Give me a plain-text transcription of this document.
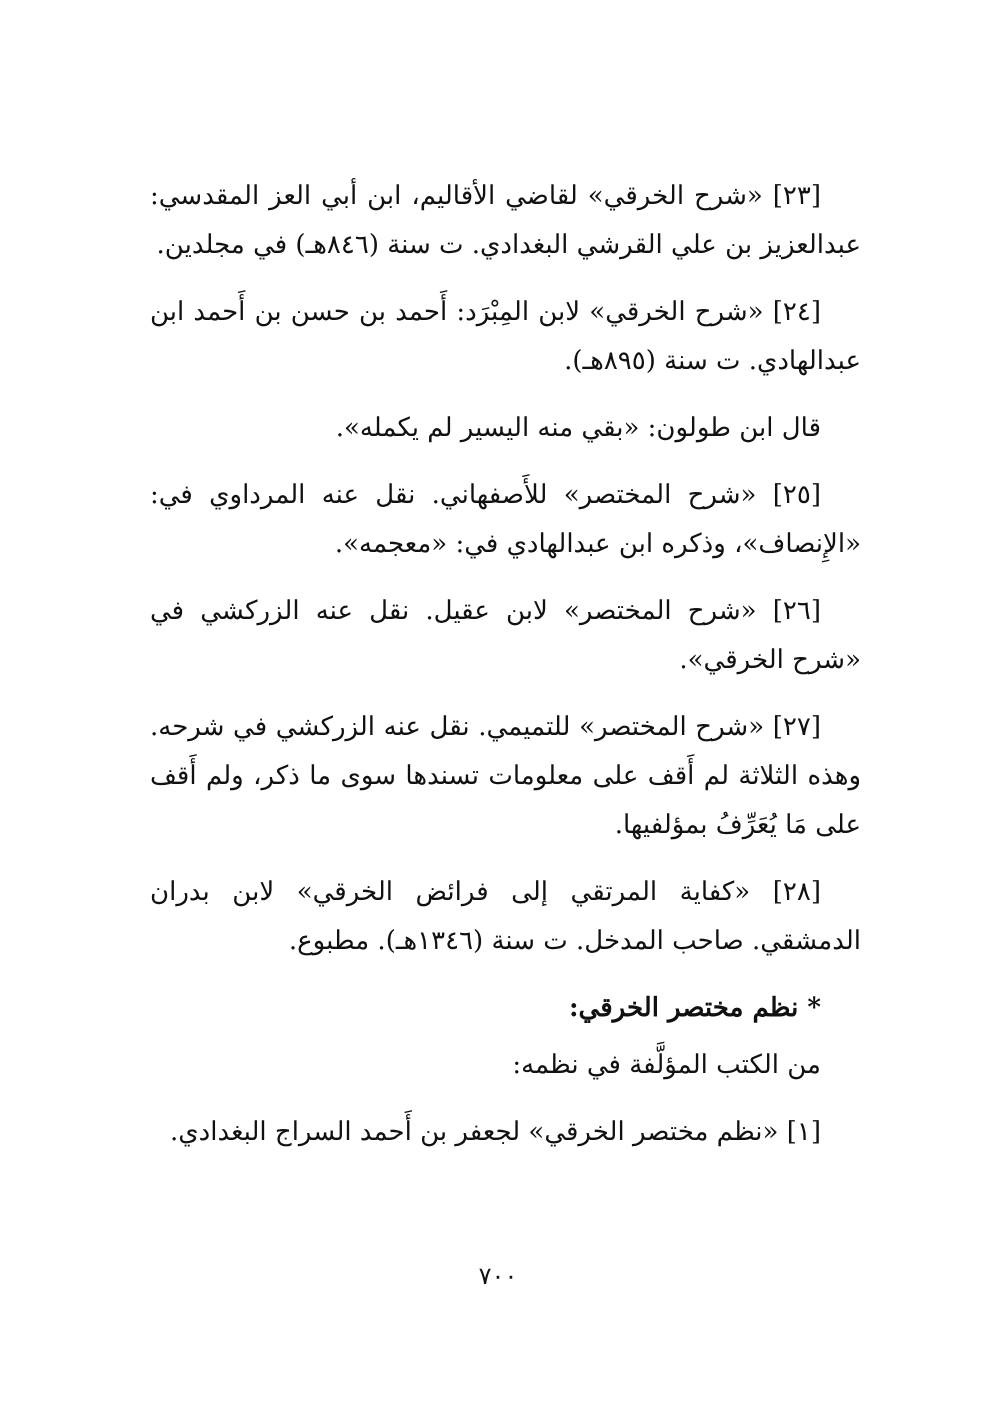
[٢٣] «شرح الخرقي» لقاضي الأقاليم، ابن أبي العز المقدسي: عبدالعزيز بن علي القرشي البغدادي. ت سنة (٨٤٦هـ) في مجلدين.

[٢٤] «شرح الخرقي» لابن المِبْرَد: أَحمد بن حسن بن أَحمد ابن عبدالهادي. ت سنة (٨٩٥هـ).

قال ابن طولون: «بقي منه اليسير لم يكمله».

[٢٥] «شرح المختصر» للأَصفهاني. نقل عنه المرداوي في: «الإِنصاف»، وذكره ابن عبدالهادي في: «معجمه».

[٢٦] «شرح المختصر» لابن عقيل. نقل عنه الزركشي في «شرح الخرقي».

[٢٧] «شرح المختصر» للتميمي. نقل عنه الزركشي في شرحه. وهذه الثلاثة لم أَقف على معلومات تسندها سوى ما ذكر، ولم أَقف على مَا يُعَرِّفُ بمؤلفيها.

[٢٨] «كفاية المرتقي إلى فرائض الخرقي» لابن بدران الدمشقي. صاحب المدخل. ت سنة (١٣٤٦هـ). مطبوع.

* نظم مختصر الخرقي:

من الكتب المؤلَّفة في نظمه:

[١] «نظم مختصر الخرقي» لجعفر بن أَحمد السراج البغدادي.

٧٠٠
